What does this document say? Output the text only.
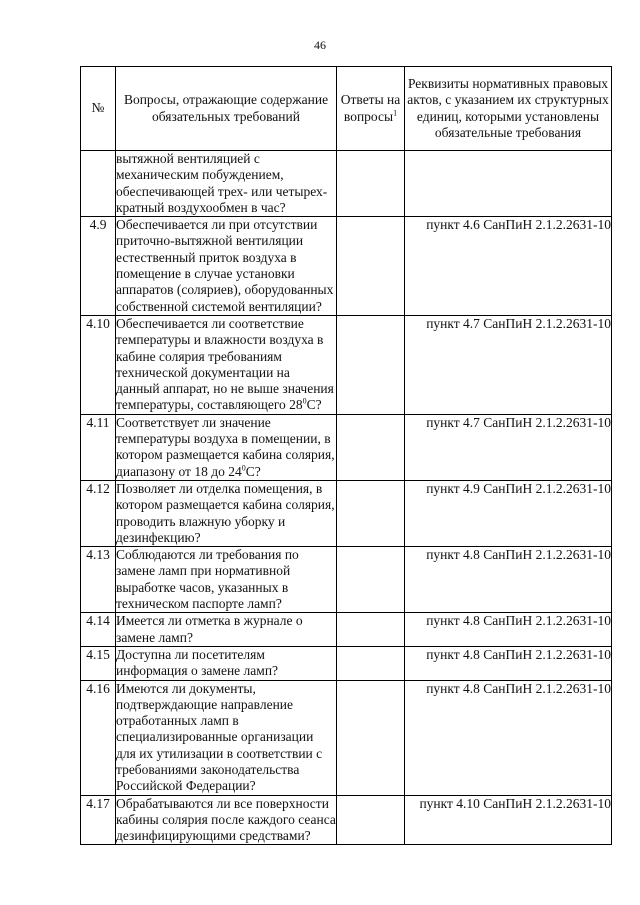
46
№	Вопросы, отражающие содержание обязательных требований	Ответы на вопросы$^1$	Реквизиты нормативных правовых актов, с указанием их структурных единиц, которыми установлены обязательные требования
	вытяжной вентиляцией с механическим побуждением, обеспечивающей трех- или четырех-кратный воздухообмен в час?		
4.9	Обеспечивается ли при отсутствии приточно-вытяжной вентиляции естественный приток воздуха в помещение в случае установки аппаратов (соляриев), оборудованных собственной системой вентиляции?		пункт 4.6 СанПиН 2.1.2.2631-10
4.10	Обеспечивается ли соответствие температуры и влажности воздуха в кабине солярия требованиям технической документации на данный аппарат, но не выше значения температуры, составляющего $28^0С$?		пункт 4.7 СанПиН 2.1.2.2631-10
4.11	Соответствует ли значение температуры воздуха в помещении, в котором размещается кабина солярия, диапазону от 18 до $24^0С$?		пункт 4.7 СанПиН 2.1.2.2631-10
4.12	Позволяет ли отделка помещения, в котором размещается кабина солярия, проводить влажную уборку и дезинфекцию?		пункт 4.9 СанПиН 2.1.2.2631-10
4.13	Соблюдаются ли требования по замене ламп при нормативной выработке часов, указанных в техническом паспорте ламп?		пункт 4.8 СанПиН 2.1.2.2631-10
4.14	Имеется ли отметка в журнале о замене ламп?		пункт 4.8 СанПиН 2.1.2.2631-10
4.15	Доступна ли посетителям информация о замене ламп?		пункт 4.8 СанПиН 2.1.2.2631-10
4.16	Имеются ли документы, подтверждающие направление отработанных ламп в специализированные организации для их утилизации в соответствии с требованиями законодательства Российской Федерации?		пункт 4.8 СанПиН 2.1.2.2631-10
4.17	Обрабатываются ли все поверхности кабины солярия после каждого сеанса дезинфицирующими средствами?		пункт 4.10 СанПиН 2.1.2.2631-10
